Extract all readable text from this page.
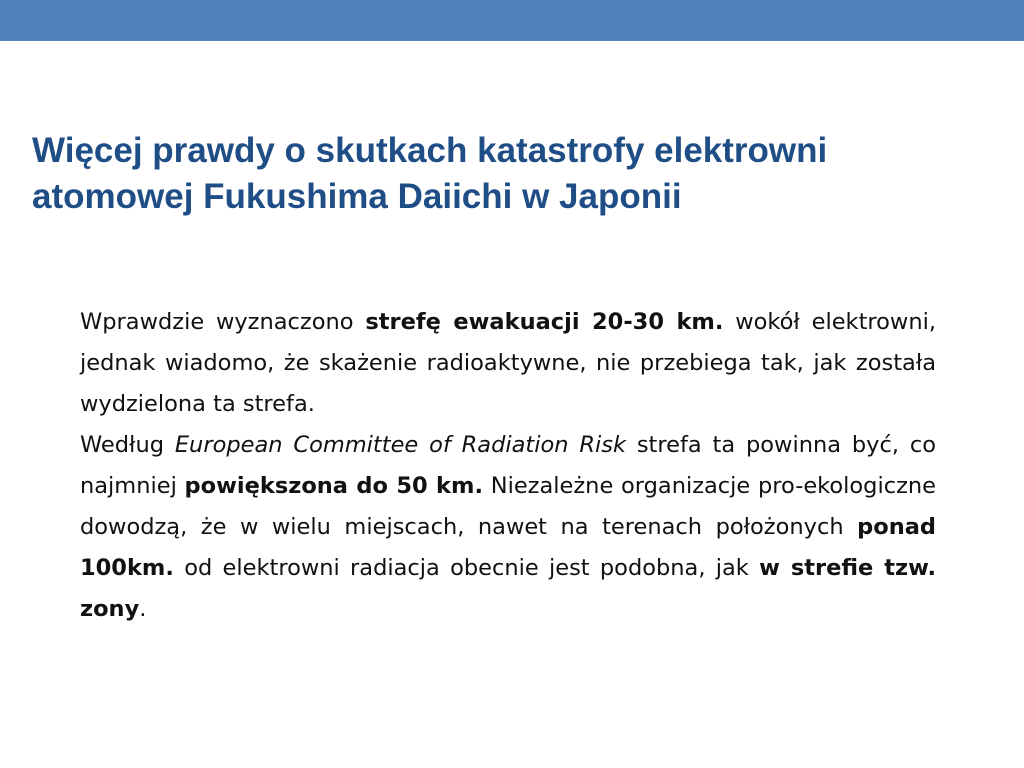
Więcej prawdy o skutkach katastrofy elektrowni
atomowej Fukushima Daiichi w Japonii

Wprawdzie wyznaczono strefę ewakuacji 20-30 km. wokół elektrowni, jednak wiadomo, że skażenie radioaktywne, nie przebiega tak, jak została wydzielona ta strefa.

Według European Committee of Radiation Risk strefa ta powinna być, co najmniej powiększona do 50 km. Niezależne organizacje pro-ekologiczne dowodzą, że w wielu miejscach, nawet na terenach położonych ponad 100km. od elektrowni radiacja obecnie jest podobna, jak w strefie tzw. zony.
